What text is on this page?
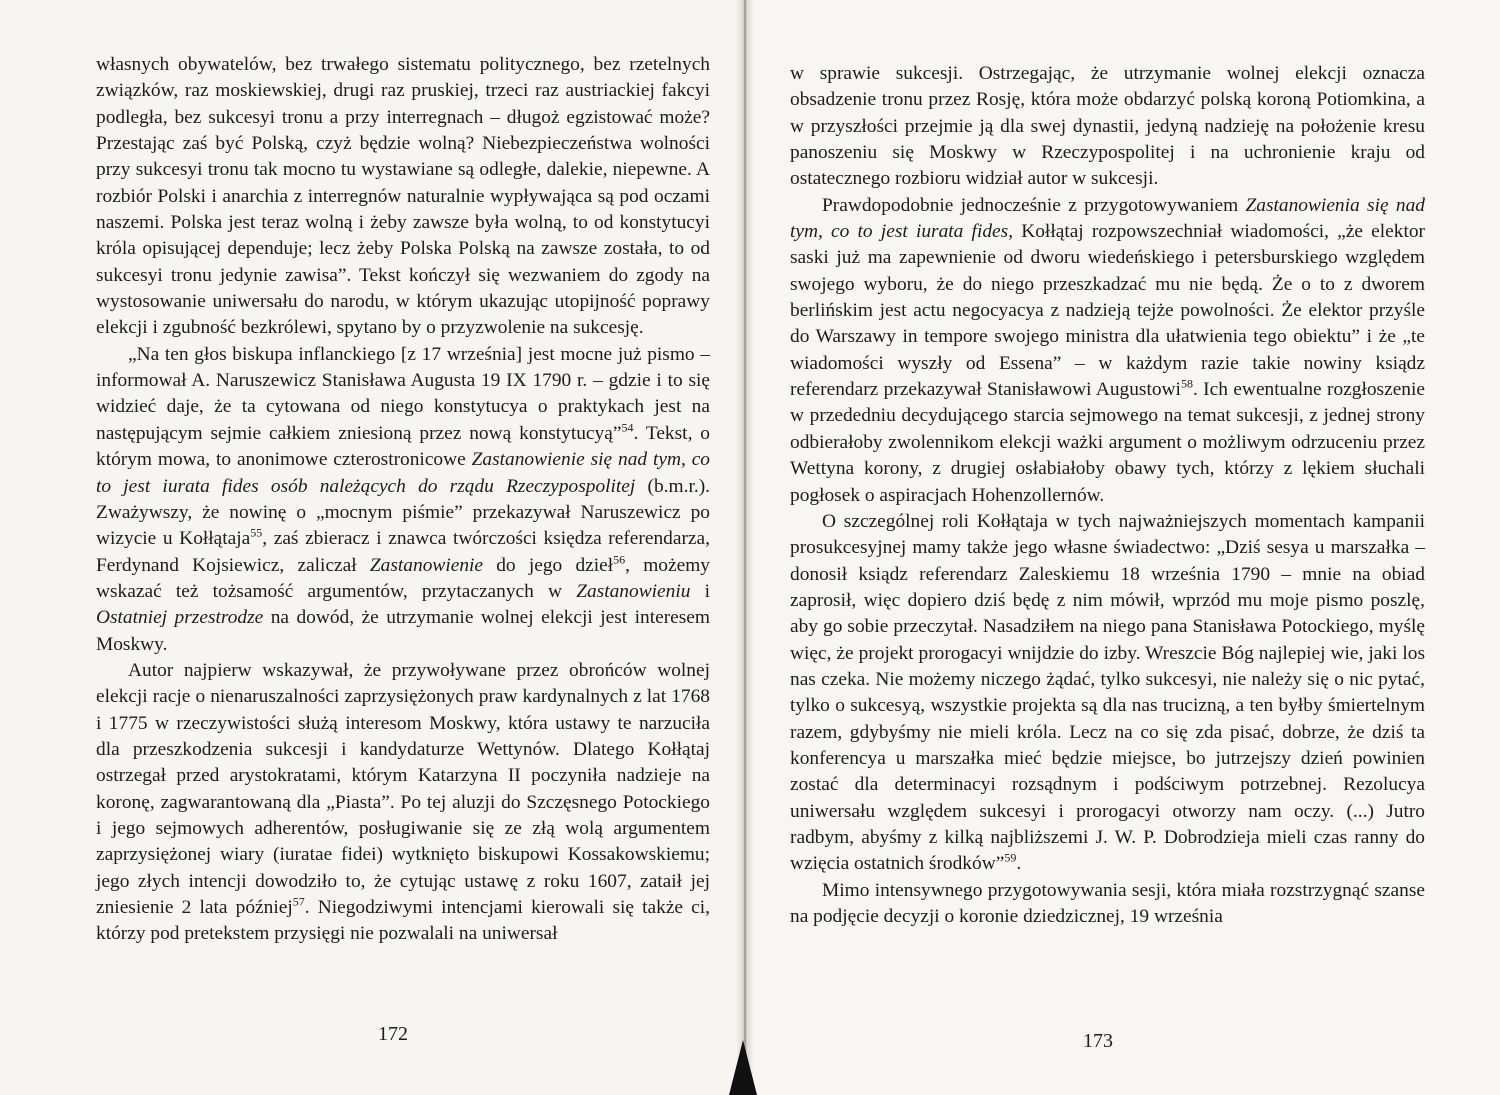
własnych obywatelów, bez trwałego sistematu politycznego, bez rzetelnych związków, raz moskiewskiej, drugi raz pruskiej, trzeci raz austriackiej fakcyi podległa, bez sukcesyi tronu a przy interregnach – długoż egzistować może? Przestając zaś być Polską, czyż będzie wolną? Niebezpieczeństwa wolności przy sukcesyi tronu tak mocno tu wystawiane są odległe, dalekie, niepewne. A rozbiór Polski i anarchia z interregnów naturalnie wypływająca są pod oczami naszemi. Polska jest teraz wolną i żeby zawsze była wolną, to od konstytucyi króla opisującej dependuje; lecz żeby Polska Polską na zawsze została, to od sukcesyi tronu jedynie zawisa”. Tekst kończył się wezwaniem do zgody na wystosowanie uniwersału do narodu, w którym ukazując utopijność poprawy elekcji i zgubność bezkrólewi, spytano by o przyzwolenie na sukcesję.

„Na ten głos biskupa inflanckiego [z 17 września] jest mocne już pismo – informował A. Naruszewicz Stanisława Augusta 19 IX 1790 r. – gdzie i to się widzieć daje, że ta cytowana od niego konstytucya o praktykach jest na następującym sejmie całkiem zniesioną przez nową konstytucyą”$^{54}$. Tekst, o którym mowa, to anonimowe czterostronicowe Zastanowienie się nad tym, co to jest iurata fides osób należących do rządu Rzeczypospolitej (b.m.r.). Zważywszy, że nowinę o „mocnym piśmie” przekazywał Naruszewicz po wizycie u Kołłątaja$^{55}$, zaś zbieracz i znawca twórczości księdza referendarza, Ferdynand Kojsiewicz, zaliczał Zastanowienie do jego dzieł$^{56}$, możemy wskazać też tożsamość argumentów, przytaczanych w Zastanowieniu i Ostatniej przestrodze na dowód, że utrzymanie wolnej elekcji jest interesem Moskwy.

Autor najpierw wskazywał, że przywoływane przez obrońców wolnej elekcji racje o nienaruszalności zaprzysiężonych praw kardynalnych z lat 1768 i 1775 w rzeczywistości służą interesom Moskwy, która ustawy te narzuciła dla przeszkodzenia sukcesji i kandydaturze Wettynów. Dlatego Kołłątaj ostrzegał przed arystokratami, którym Katarzyna II poczyniła nadzieje na koronę, zagwarantowaną dla „Piasta”. Po tej aluzji do Szczęsnego Potockiego i jego sejmowych adherentów, posługiwanie się ze złą wolą argumentem zaprzysiężonej wiary (iuratae fidei) wytknięto biskupowi Kossakowskiemu; jego złych intencji dowodziło to, że cytując ustawę z roku 1607, zataił jej zniesienie 2 lata później$^{57}$. Niegodziwymi intencjami kierowali się także ci, którzy pod pretekstem przysięgi nie pozwalali na uniwersał

172

w sprawie sukcesji. Ostrzegając, że utrzymanie wolnej elekcji oznacza obsadzenie tronu przez Rosję, która może obdarzyć polską koroną Potiomkina, a w przyszłości przejmie ją dla swej dynastii, jedyną nadzieję na położenie kresu panoszeniu się Moskwy w Rzeczypospolitej i na uchronienie kraju od ostatecznego rozbioru widział autor w sukcesji.

Prawdopodobnie jednocześnie z przygotowywaniem Zastanowienia się nad tym, co to jest iurata fides, Kołłątaj rozpowszechniał wiadomości, „że elektor saski już ma zapewnienie od dworu wiedeńskiego i petersburskiego względem swojego wyboru, że do niego przeszkadzać mu nie będą. Że o to z dworem berlińskim jest actu negocyacya z nadzieją tejże powolności. Że elektor przyśle do Warszawy in tempore swojego ministra dla ułatwienia tego obiektu” i że „te wiadomości wyszły od Essena” – w każdym razie takie nowiny ksiądz referendarz przekazywał Stanisławowi Augustowi$^{58}$. Ich ewentualne rozgłoszenie w przededniu decydującego starcia sejmowego na temat sukcesji, z jednej strony odbierałoby zwolennikom elekcji ważki argument o możliwym odrzuceniu przez Wettyna korony, z drugiej osłabiałoby obawy tych, którzy z lękiem słuchali pogłosek o aspiracjach Hohenzollernów.

O szczególnej roli Kołłątaja w tych najważniejszych momentach kampanii prosukcesyjnej mamy także jego własne świadectwo: „Dziś sesya u marszałka – donosił ksiądz referendarz Zaleskiemu 18 września 1790 – mnie na obiad zaprosił, więc dopiero dziś będę z nim mówił, wprzód mu moje pismo poszlę, aby go sobie przeczytał. Nasadziłem na niego pana Stanisława Potockiego, myślę więc, że projekt prorogacyi wnijdzie do izby. Wreszcie Bóg najlepiej wie, jaki los nas czeka. Nie możemy niczego żądać, tylko sukcesyi, nie należy się o nic pytać, tylko o sukcesyą, wszystkie projekta są dla nas trucizną, a ten byłby śmiertelnym razem, gdybyśmy nie mieli króla. Lecz na co się zda pisać, dobrze, że dziś ta konferencya u marszałka mieć będzie miejsce, bo jutrzejszy dzień powinien zostać dla determinacyi rozsądnym i podściwym potrzebnej. Rezolucya uniwersału względem sukcesyi i prorogacyi otworzy nam oczy. (...) Jutro radbym, abyśmy z kilką najbliższemi J. W. P. Dobrodzieja mieli czas ranny do wzięcia ostatnich środków”$^{59}$.

Mimo intensywnego przygotowywania sesji, która miała rozstrzygnąć szanse na podjęcie decyzji o koronie dziedzicznej, 19 września

173
